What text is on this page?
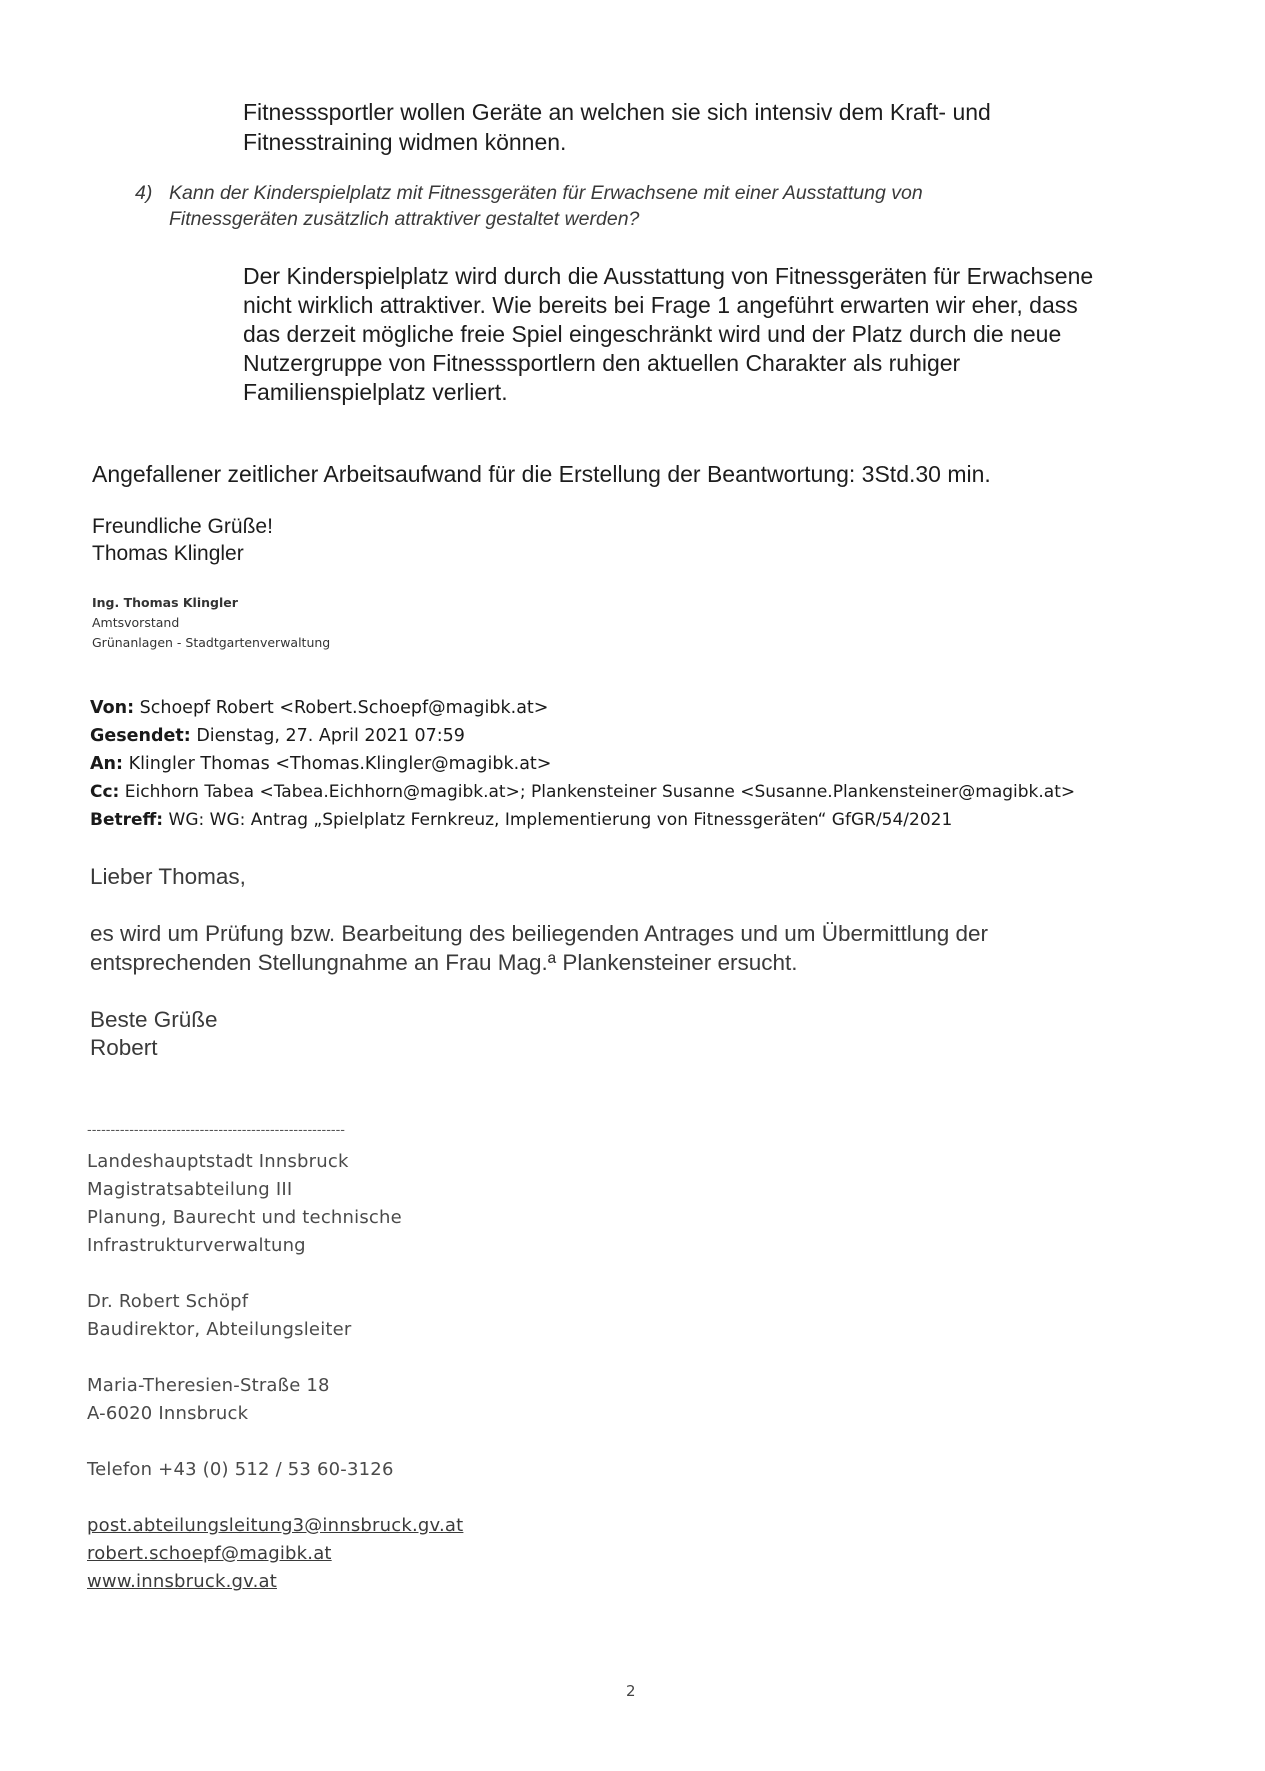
Fitnesssportler wollen Geräte an welchen sie sich intensiv dem Kraft- und
Fitnesstraining widmen können.
4) Kann der Kinderspielplatz mit Fitnessgeräten für Erwachsene mit einer Ausstattung von
Fitnessgeräten zusätzlich attraktiver gestaltet werden?
Der Kinderspielplatz wird durch die Ausstattung von Fitnessgeräten für Erwachsene
nicht wirklich attraktiver. Wie bereits bei Frage 1 angeführt erwarten wir eher, dass
das derzeit mögliche freie Spiel eingeschränkt wird und der Platz durch die neue
Nutzergruppe von Fitnesssportlern den aktuellen Charakter als ruhiger
Familienspielplatz verliert.
Angefallener zeitlicher Arbeitsaufwand für die Erstellung der Beantwortung: 3Std.30 min.
Freundliche Grüße!
Thomas Klingler
Ing. Thomas Klingler
Amtsvorstand
Grünanlagen - Stadtgartenverwaltung
Von: Schoepf Robert <Robert.Schoepf@magibk.at>
Gesendet: Dienstag, 27. April 2021 07:59
An: Klingler Thomas <Thomas.Klingler@magibk.at>
Cc: Eichhorn Tabea <Tabea.Eichhorn@magibk.at>; Plankensteiner Susanne <Susanne.Plankensteiner@magibk.at>
Betreff: WG: WG: Antrag „Spielplatz Fernkreuz, Implementierung von Fitnessgeräten“ GfGR/54/2021
Lieber Thomas,
es wird um Prüfung bzw. Bearbeitung des beiliegenden Antrages und um Übermittlung der
entsprechenden Stellungnahme an Frau Mag.ª Plankensteiner ersucht.
Beste Grüße
Robert
-------------------------------------------------------
Landeshauptstadt Innsbruck
Magistratsabteilung III
Planung, Baurecht und technische
Infrastrukturverwaltung
Dr. Robert Schöpf
Baudirektor, Abteilungsleiter
Maria-Theresien-Straße 18
A-6020 Innsbruck
Telefon +43 (0) 512 / 53 60-3126
post.abteilungsleitung3@innsbruck.gv.at
robert.schoepf@magibk.at
www.innsbruck.gv.at
2
